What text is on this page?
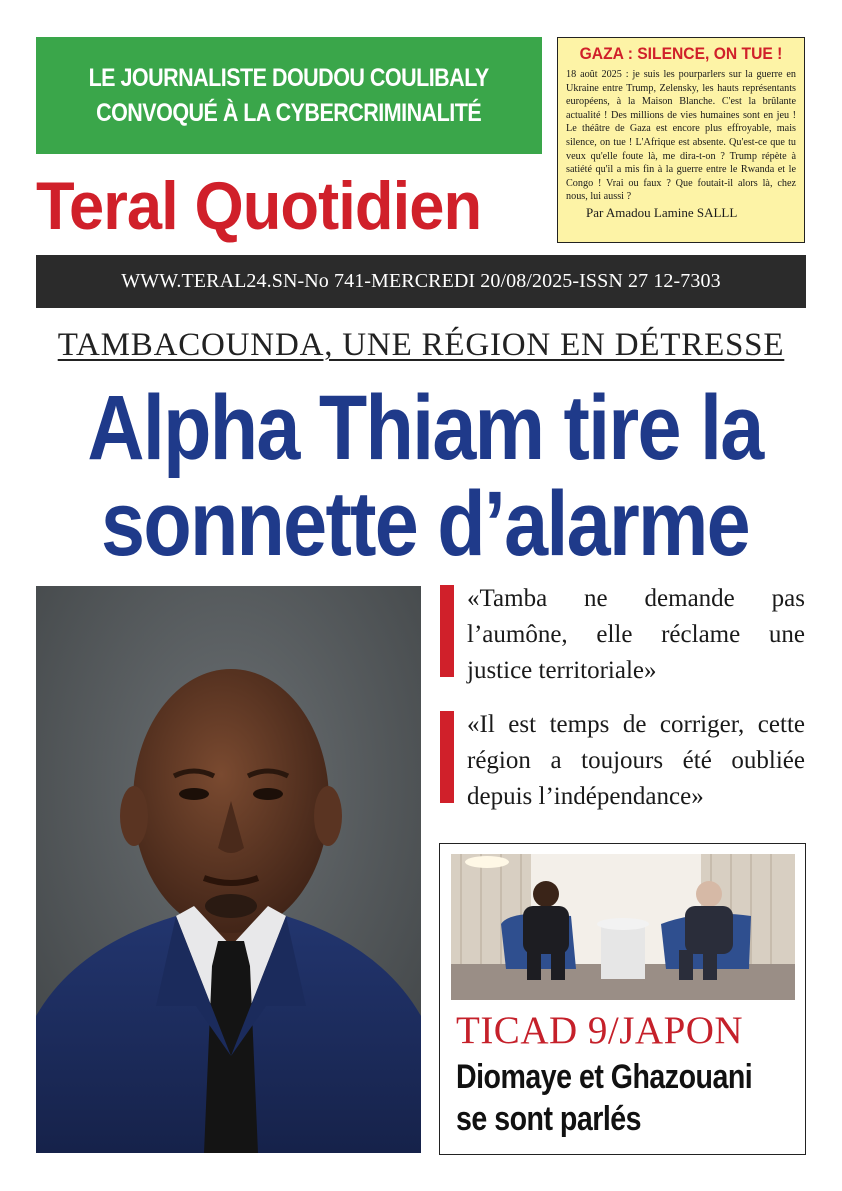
LE JOURNALISTE DOUDOU COULIBALY
CONVOQUÉ À LA CYBERCRIMINALITÉ
Teral Quotidien
GAZA : SILENCE, ON TUE !
18 août 2025 : je suis les pourparlers sur la guerre en Ukraine entre Trump, Zelensky, les hauts représentants européens, à la Maison Blanche. C'est la brûlante actualité ! Des millions de vies humaines sont en jeu ! Le théâtre de Gaza est encore plus effroyable, mais silence, on tue ! L'Afrique est absente. Qu'est-ce que tu veux qu'elle foute là, me dira-t-on ? Trump répète à satiété qu'il a mis fin à la guerre entre le Rwanda et le Congo ! Vrai ou faux ? Que foutait-il alors là, chez nous, lui aussi ?
Par Amadou Lamine SALLL
WWW.TERAL24.SN-No 741-MERCREDI 20/08/2025-ISSN 27 12-7303
TAMBACOUNDA, UNE RÉGION EN DÉTRESSE
Alpha Thiam tire la
sonnette d’alarme
«Tamba ne demande pas l’aumône, elle réclame une justice territoriale»
«Il est temps de corriger, cette région a toujours été oubliée depuis l’indépendance»
TICAD 9/JAPON
Diomaye et Ghazouani
se sont parlés
